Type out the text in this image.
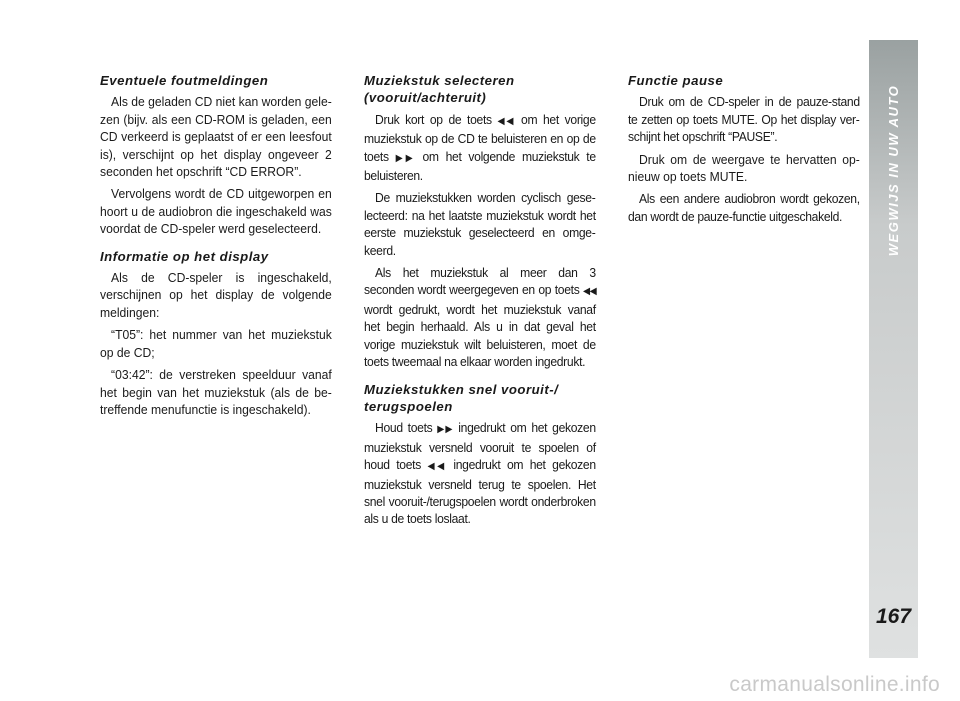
Eventuele foutmeldingen

Als de geladen CD niet kan worden gelezen (bijv. als een CD-ROM is geladen, een CD verkeerd is geplaatst of er een leesfout is), verschijnt op het display ongeveer 2 seconden het opschrift “CD ERROR”.

Vervolgens wordt de CD uitgeworpen en hoort u de audiobron die ingeschakeld was voordat de CD-speler werd geselecteerd.

Informatie op het display

Als de CD-speler is ingeschakeld, verschijnen op het display de volgende meldingen:

“T05”: het nummer van het muziekstuk op de CD;

“03:42”: de verstreken speelduur vanaf het begin van het muziekstuk (als de betreffende menufunctie is ingeschakeld).

Muziekstuk selecteren (vooruit/achteruit)

Druk kort op de toets ◀◀ om het vorige muziekstuk op de CD te beluisteren en op de toets ▶▶ om het volgende muziekstuk te beluisteren.

De muziekstukken worden cyclisch geselecteerd: na het laatste muziekstuk wordt het eerste muziekstuk geselecteerd en omgekeerd.

Als het muziekstuk al meer dan 3 seconden wordt weergegeven en op toets ◀◀ wordt gedrukt, wordt het muziekstuk vanaf het begin herhaald. Als u in dat geval het vorige muziekstuk wilt beluisteren, moet de toets tweemaal na elkaar worden ingedrukt.

Muziekstukken snel vooruit-/ terugspoelen

Houd toets ▶▶ ingedrukt om het gekozen muziekstuk versneld vooruit te spoelen of houd toets ◀◀ ingedrukt om het gekozen muziekstuk versneld terug te spoelen. Het snel vooruit-/terugspoelen wordt onderbroken als u de toets loslaat.

Functie pause

Druk om de CD-speler in de pauze-stand te zetten op toets MUTE. Op het display verschijnt het opschrift “PAUSE”.

Druk om de weergave te hervatten opnieuw op toets MUTE.

Als een andere audiobron wordt gekozen, dan wordt de pauze-functie uitgeschakeld.	WEGWIJS IN UW AUTO
167
carmanualsonline.info
